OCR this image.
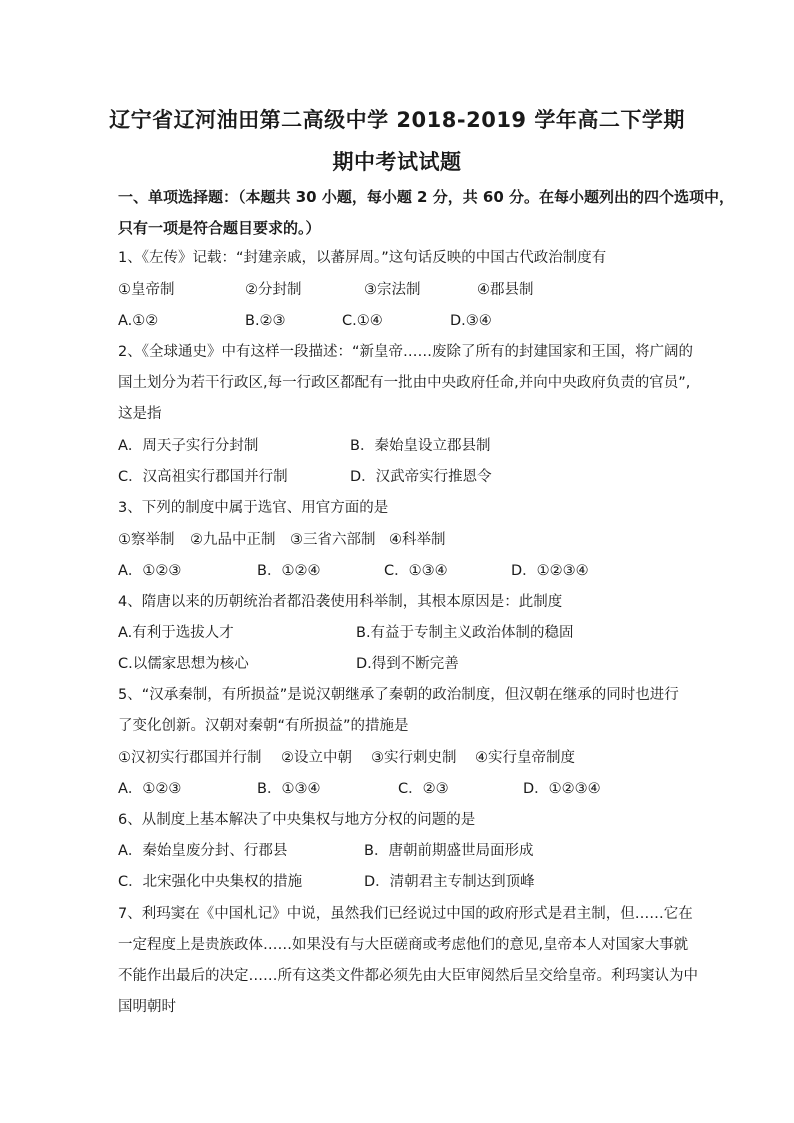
辽宁省辽河油田第二高级中学 2018-2019 学年高二下学期
期中考试试题
一、单项选择题：（本题共 30 小题，每小题 2 分，共 60 分。在每小题列出的四个选项中，
只有一项是符合题目要求的。）
1、《左传》记载：“封建亲戚，以蕃屏周。”这句话反映的中国古代政治制度有
①皇帝制	②分封制	③宗法制	④郡县制
A.①②	B.②③	C.①④	D.③④
2、《全球通史》中有这样一段描述：“新皇帝……废除了所有的封建国家和王国，将广阔的
国土划分为若干行政区,每一行政区都配有一批由中央政府任命,并向中央政府负责的官员”,
这是指
A．周天子实行分封制	B．秦始皇设立郡县制
C．汉高祖实行郡国并行制	D．汉武帝实行推恩令
3、下列的制度中属于选官、用官方面的是
①察举制 ②九品中正制 ③三省六部制 ④科举制
A．①②③	B．①②④	C．①③④	D．①②③④
4、隋唐以来的历朝统治者都沿袭使用科举制，其根本原因是：此制度
A.有利于选拔人才	B.有益于专制主义政治体制的稳固
C.以儒家思想为核心	D.得到不断完善
5、“汉承秦制，有所损益”是说汉朝继承了秦朝的政治制度，但汉朝在继承的同时也进行
了变化创新。汉朝对秦朝“有所损益”的措施是
①汉初实行郡国并行制 ②设立中朝 ③实行刺史制 ④实行皇帝制度
A．①②③	B．①③④	C．②③	D．①②③④
6、从制度上基本解决了中央集权与地方分权的问题的是
A．秦始皇废分封、行郡县	B．唐朝前期盛世局面形成
C．北宋强化中央集权的措施	D．清朝君主专制达到顶峰
7、利玛窦在《中国札记》中说，虽然我们已经说过中国的政府形式是君主制，但……它在
一定程度上是贵族政体……如果没有与大臣磋商或考虑他们的意见,皇帝本人对国家大事就
不能作出最后的决定……所有这类文件都必须先由大臣审阅然后呈交给皇帝。利玛窦认为中
国明朝时
